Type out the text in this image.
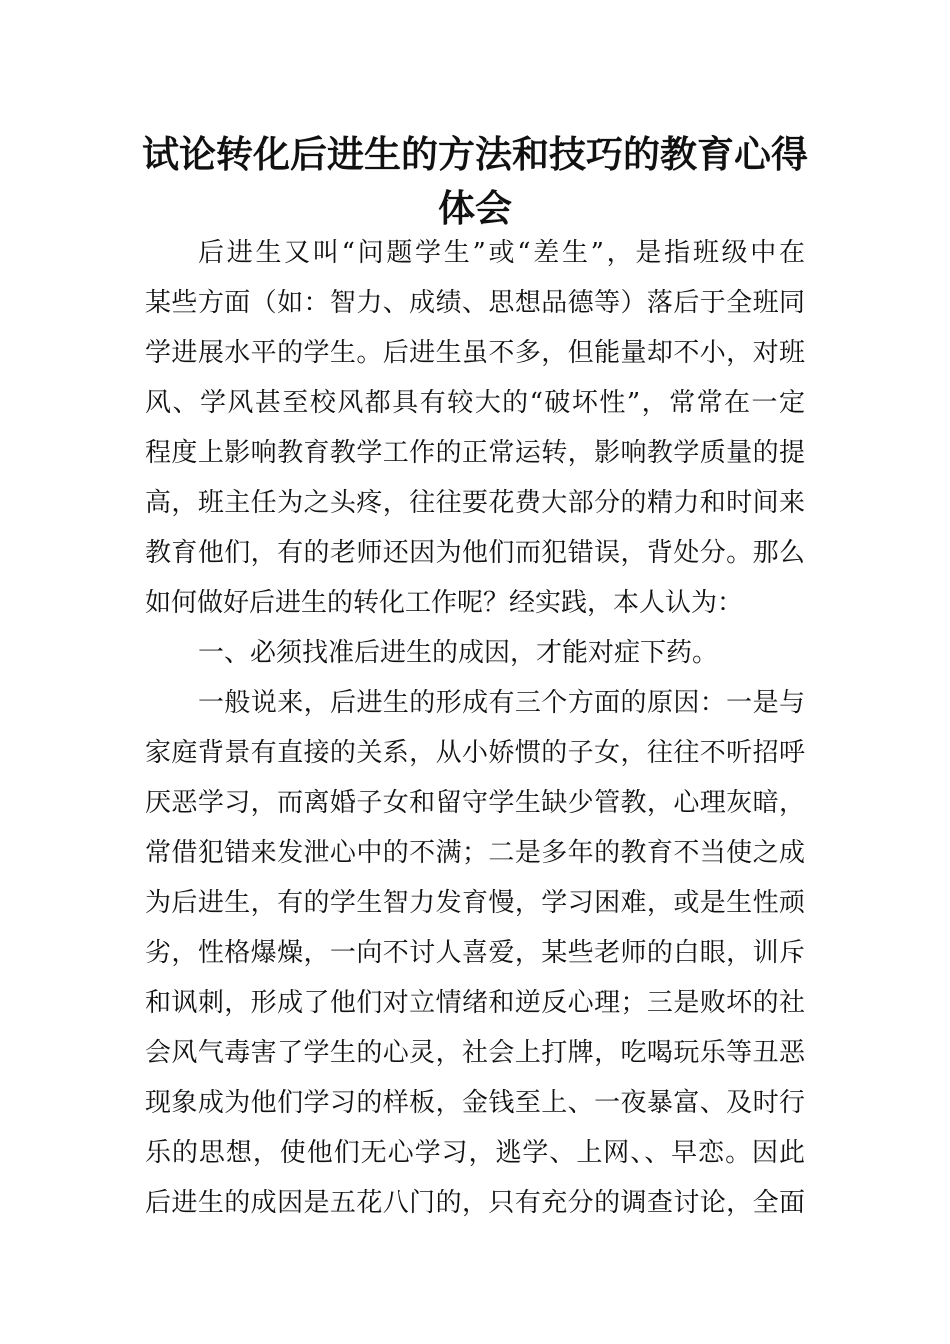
试论转化后进生的方法和技巧的教育心得
体会

后进生又叫“问题学生”或“差生”，是指班级中在

某些方面（如：智力、成绩、思想品德等）落后于全班同

学进展水平的学生。后进生虽不多，但能量却不小，对班

风、学风甚至校风都具有较大的“破坏性”，常常在一定

程度上影响教育教学工作的正常运转，影响教学质量的提

高，班主任为之头疼，往往要花费大部分的精力和时间来

教育他们，有的老师还因为他们而犯错误，背处分。那么

如何做好后进生的转化工作呢？经实践，本人认为：

一、必须找准后进生的成因，才能对症下药。

一般说来，后进生的形成有三个方面的原因：一是与

家庭背景有直接的关系，从小娇惯的子女，往往不听招呼

厌恶学习，而离婚子女和留守学生缺少管教，心理灰暗，

常借犯错来发泄心中的不满；二是多年的教育不当使之成

为后进生，有的学生智力发育慢，学习困难，或是生性顽

劣，性格爆燥，一向不讨人喜爱，某些老师的白眼，训斥

和讽刺，形成了他们对立情绪和逆反心理；三是败坏的社

会风气毒害了学生的心灵，社会上打牌，吃喝玩乐等丑恶

现象成为他们学习的样板，金钱至上、一夜暴富、及时行

乐的思想，使他们无心学习，逃学、上网、、早恋。因此

后进生的成因是五花八门的，只有充分的调查讨论，全面
